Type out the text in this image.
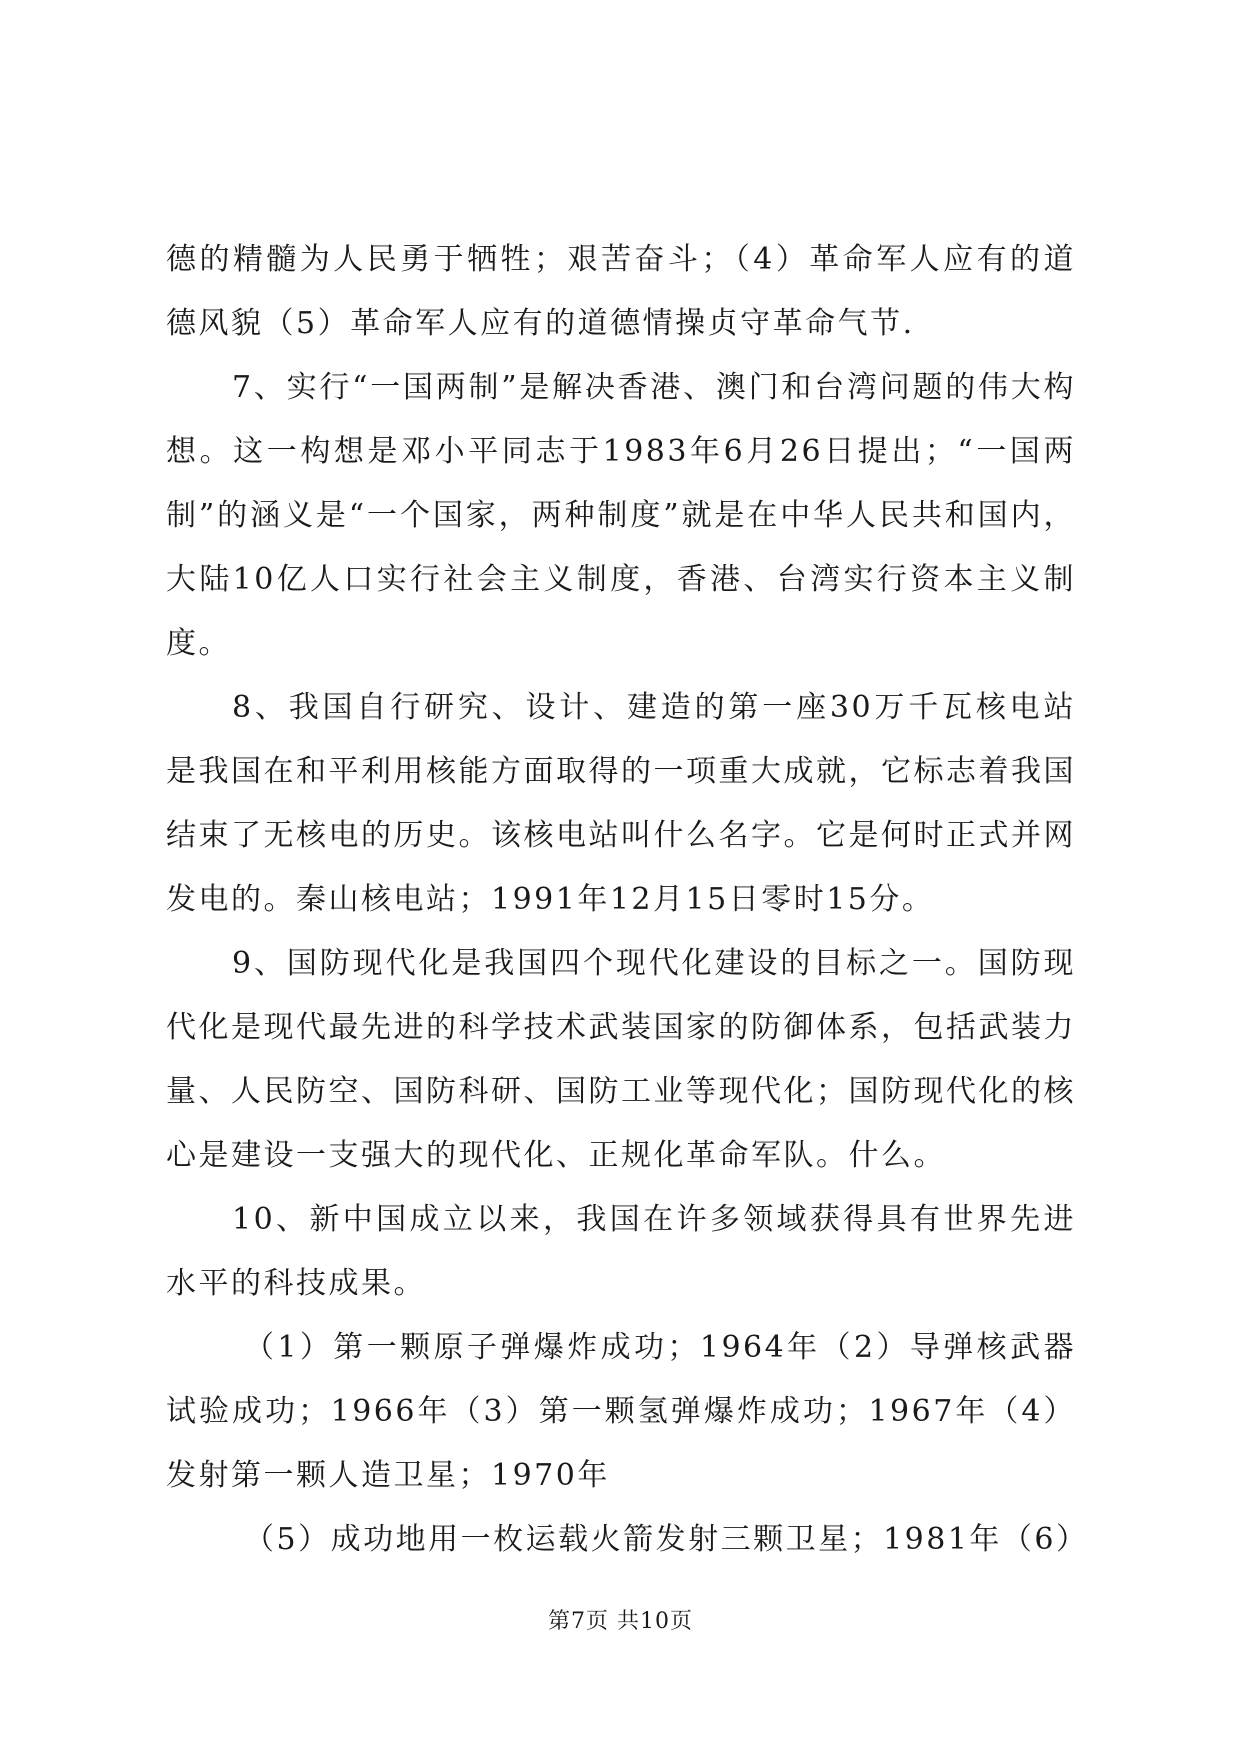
德的精髓为人民勇于牺牲；艰苦奋斗；（4）革命军人应有的道德风貌（5）革命军人应有的道德情操贞守革命气节.

7、实行“一国两制”是解决香港、澳门和台湾问题的伟大构想。这一构想是邓小平同志于1983年6月26日提出；“一国两制”的涵义是“一个国家，两种制度”就是在中华人民共和国内，大陆10亿人口实行社会主义制度，香港、台湾实行资本主义制度。

8、我国自行研究、设计、建造的第一座30万千瓦核电站是我国在和平利用核能方面取得的一项重大成就，它标志着我国结束了无核电的历史。该核电站叫什么名字。它是何时正式并网发电的。秦山核电站；1991年12月15日零时15分。

9、国防现代化是我国四个现代化建设的目标之一。国防现代化是现代最先进的科学技术武装国家的防御体系，包括武装力量、人民防空、国防科研、国防工业等现代化；国防现代化的核心是建设一支强大的现代化、正规化革命军队。什么。

10、新中国成立以来，我国在许多领域获得具有世界先进水平的科技成果。

（1）第一颗原子弹爆炸成功；1964年（2）导弹核武器试验成功；1966年（3）第一颗氢弹爆炸成功；1967年（4）发射第一颗人造卫星；1970年

（5）成功地用一枚运载火箭发射三颗卫星；1981年（6）

第7页 共10页
